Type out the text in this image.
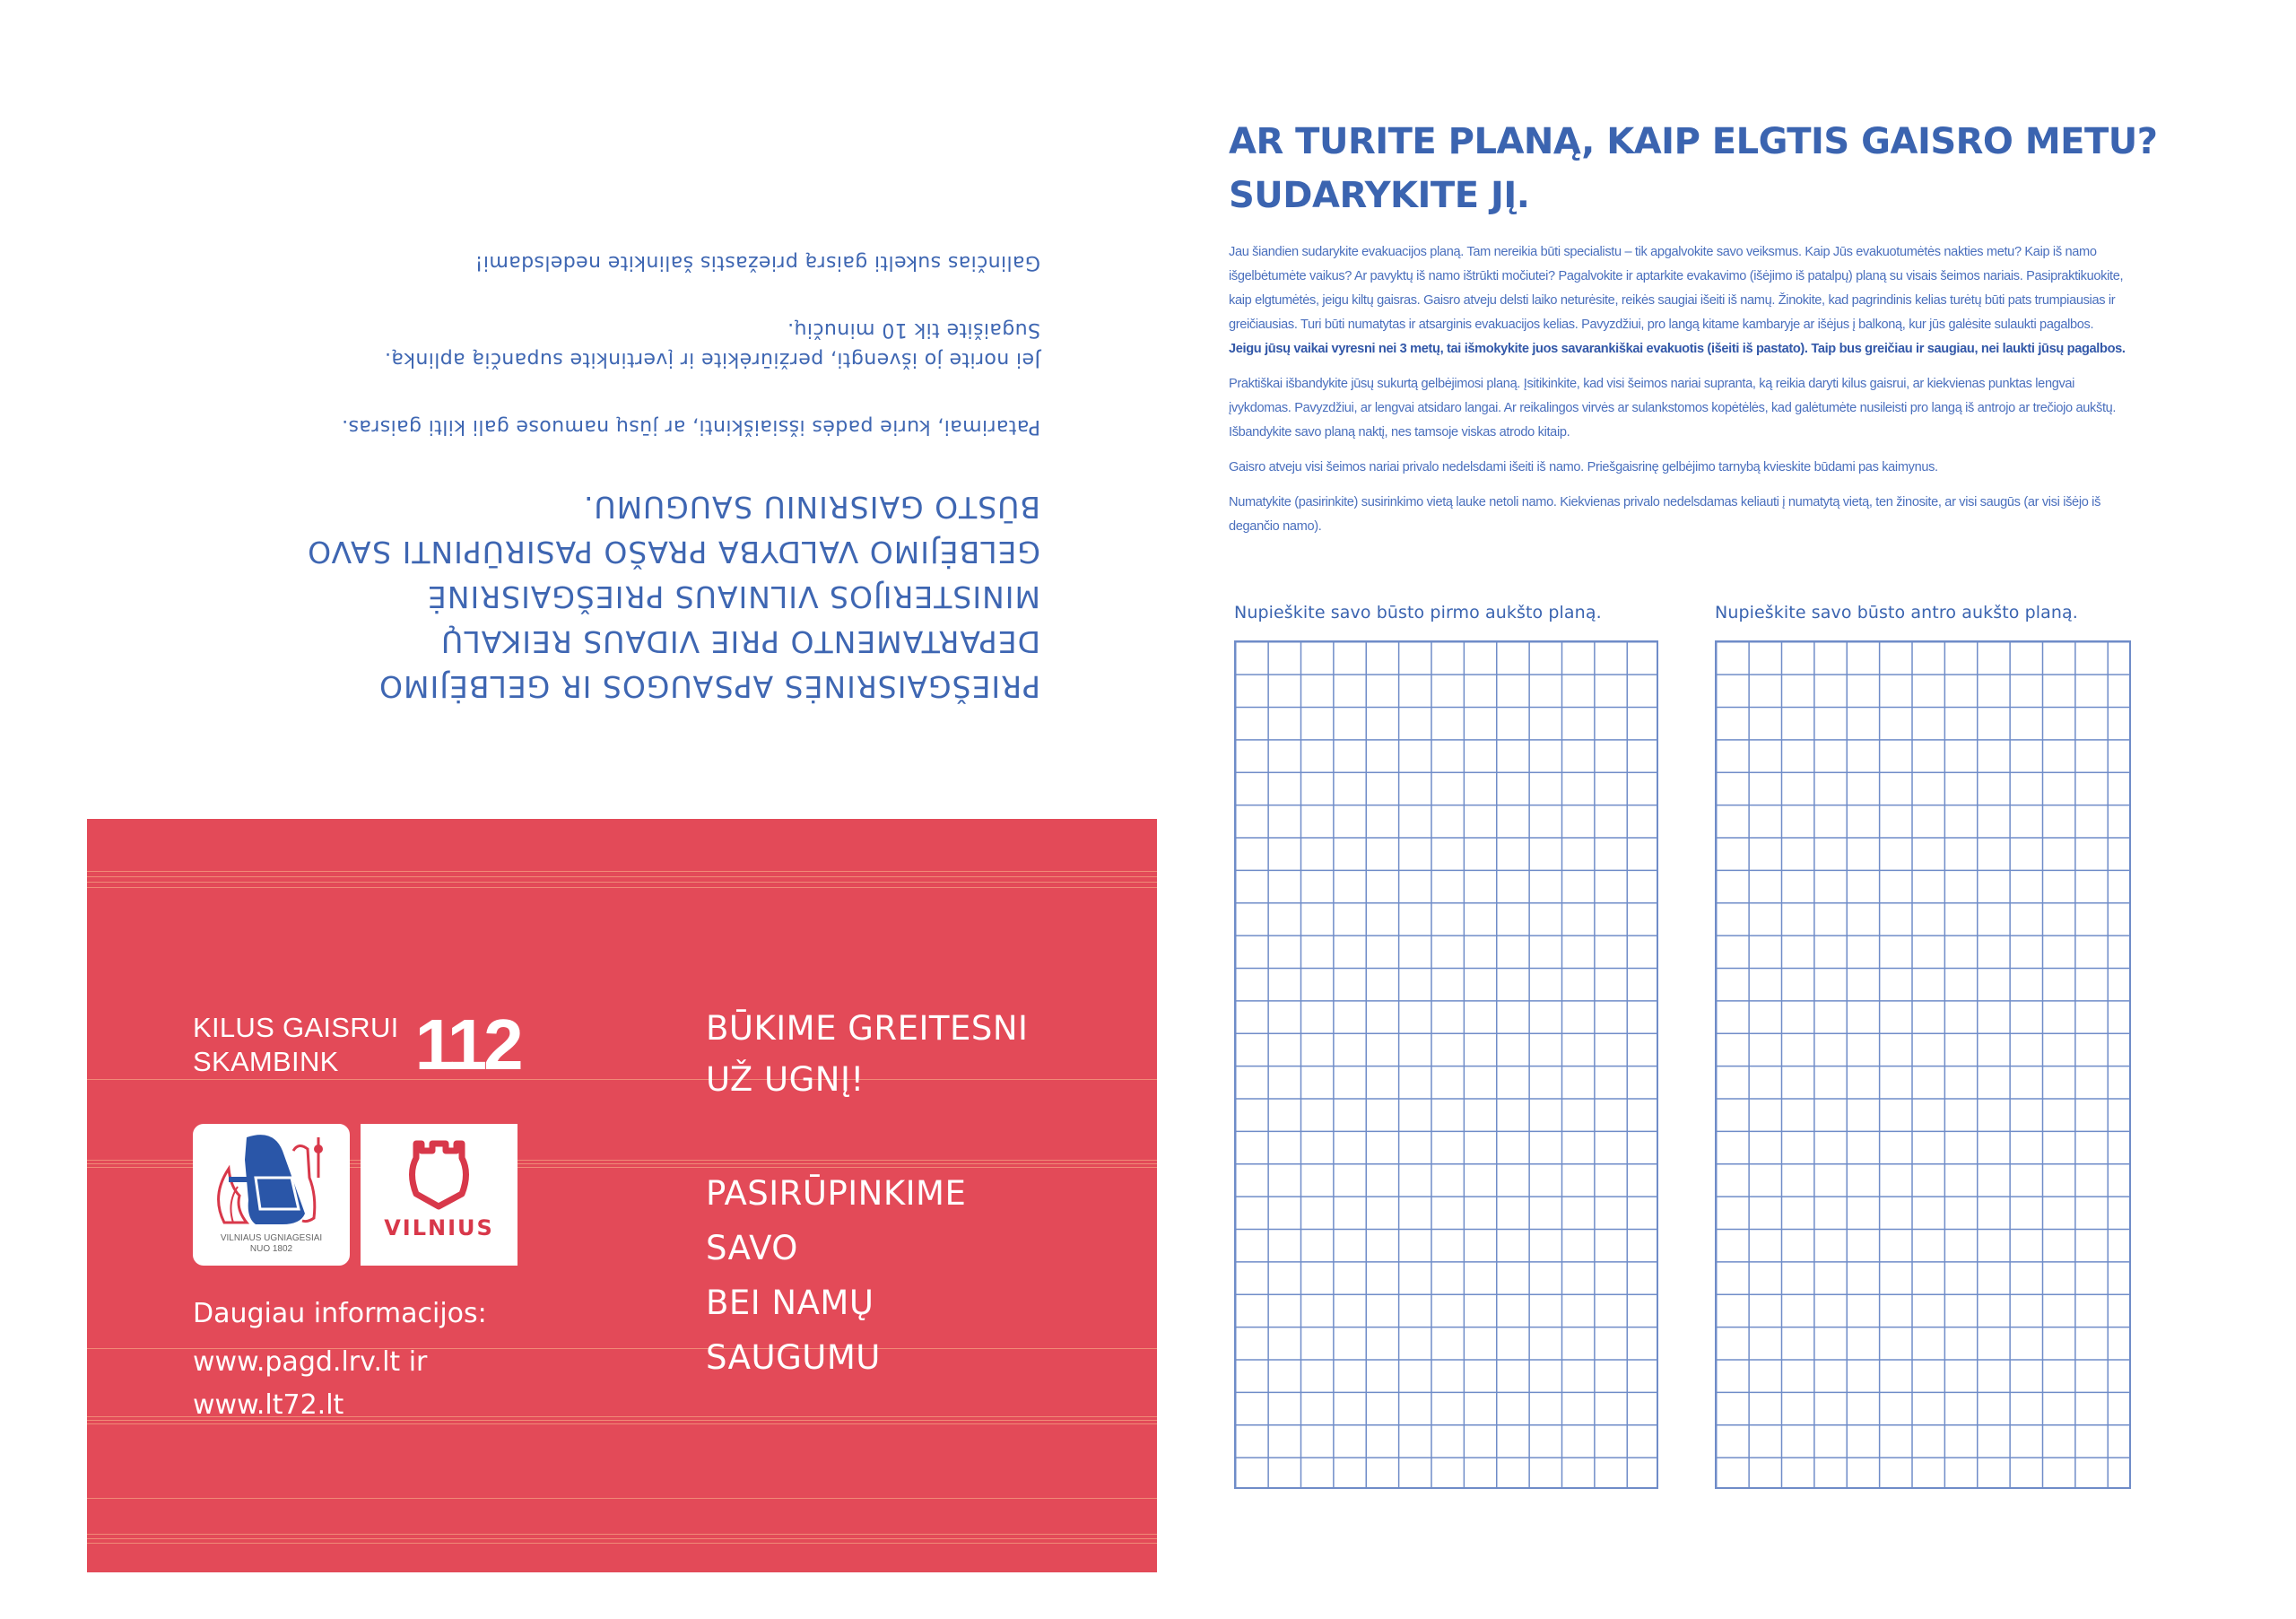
PRIEŠGAISRINĖS APSAUGOS IR GELBĖJIMO
DEPARTAMENTO PRIE VIDAUS REIKALŲ
MINISTERIJOS VILNIAUS PRIEŠGAISRINĖ
GELBĖJIMO VALDYBA PRAŠO PASIRŪPINTI SAVO
BŪSTO GAISRINIU SAUGUMU.

Patarimai, kurie padės išsiaiškinti, ar jūsų namuose gali kilti gaisras.

Jei norite jo išvengti, peržiūrėkite ir įvertinkite supančią aplinką.

Sugaišite tik 10 minučių.

Galinčias sukelti gaisrą priežastis šalinkite nedelsdami!

KILUS GAISRUI
SKAMBINK	112
VILNIAUS UGNIAGESIAI
NUO 1802
VILNIUS
Daugiau informacijos:
www.pagd.lrv.lt ir
www.lt72.lt
BŪKIME GREITESNI
UŽ UGNĮ!
PASIRŪPINKIME
SAVO
BEI NAMŲ
SAUGUMU
AR TURITE PLANĄ, KAIP ELGTIS GAISRO METU?
SUDARYKITE JĮ.

Jau šiandien sudarykite evakuacijos planą. Tam nereikia būti specialistu – tik apgalvokite savo veiksmus. Kaip Jūs evakuotumėtės nakties metu? Kaip iš namo išgelbėtumėte vaikus? Ar pavyktų iš namo ištrūkti močiutei? Pagalvokite ir aptarkite evakavimo (išėjimo iš patalpų) planą su visais šeimos nariais. Pasipraktikuokite, kaip elgtumėtės, jeigu kiltų gaisras. Gaisro atveju delsti laiko neturėsite, reikės saugiai išeiti iš namų. Žinokite, kad pagrindinis kelias turėtų būti pats trumpiausias ir greičiausias. Turi būti numatytas ir atsarginis evakuacijos kelias. Pavyzdžiui, pro langą kitame kambaryje ar išėjus į balkoną, kur jūs galėsite sulaukti pagalbos. Jeigu jūsų vaikai vyresni nei 3 metų, tai išmokykite juos savarankiškai evakuotis (išeiti iš pastato). Taip bus greičiau ir saugiau, nei laukti jūsų pagalbos.

Praktiškai išbandykite jūsų sukurtą gelbėjimosi planą. Įsitikinkite, kad visi šeimos nariai supranta, ką reikia daryti kilus gaisrui, ar kiekvienas punktas lengvai įvykdomas. Pavyzdžiui, ar lengvai atsidaro langai. Ar reikalingos virvės ar sulankstomos kopėtėlės, kad galėtumėte nusileisti pro langą iš antrojo ar trečiojo aukštų. Išbandykite savo planą naktį, nes tamsoje viskas atrodo kitaip.

Gaisro atveju visi šeimos nariai privalo nedelsdami išeiti iš namo. Priešgaisrinę gelbėjimo tarnybą kvieskite būdami pas kaimynus.

Numatykite (pasirinkite) susirinkimo vietą lauke netoli namo. Kiekvienas privalo nedelsdamas keliauti į numatytą vietą, ten žinosite, ar visi saugūs (ar visi išėjo iš degančio namo).

Nupieškite savo būsto pirmo aukšto planą.	Nupieškite savo būsto antro aukšto planą.
